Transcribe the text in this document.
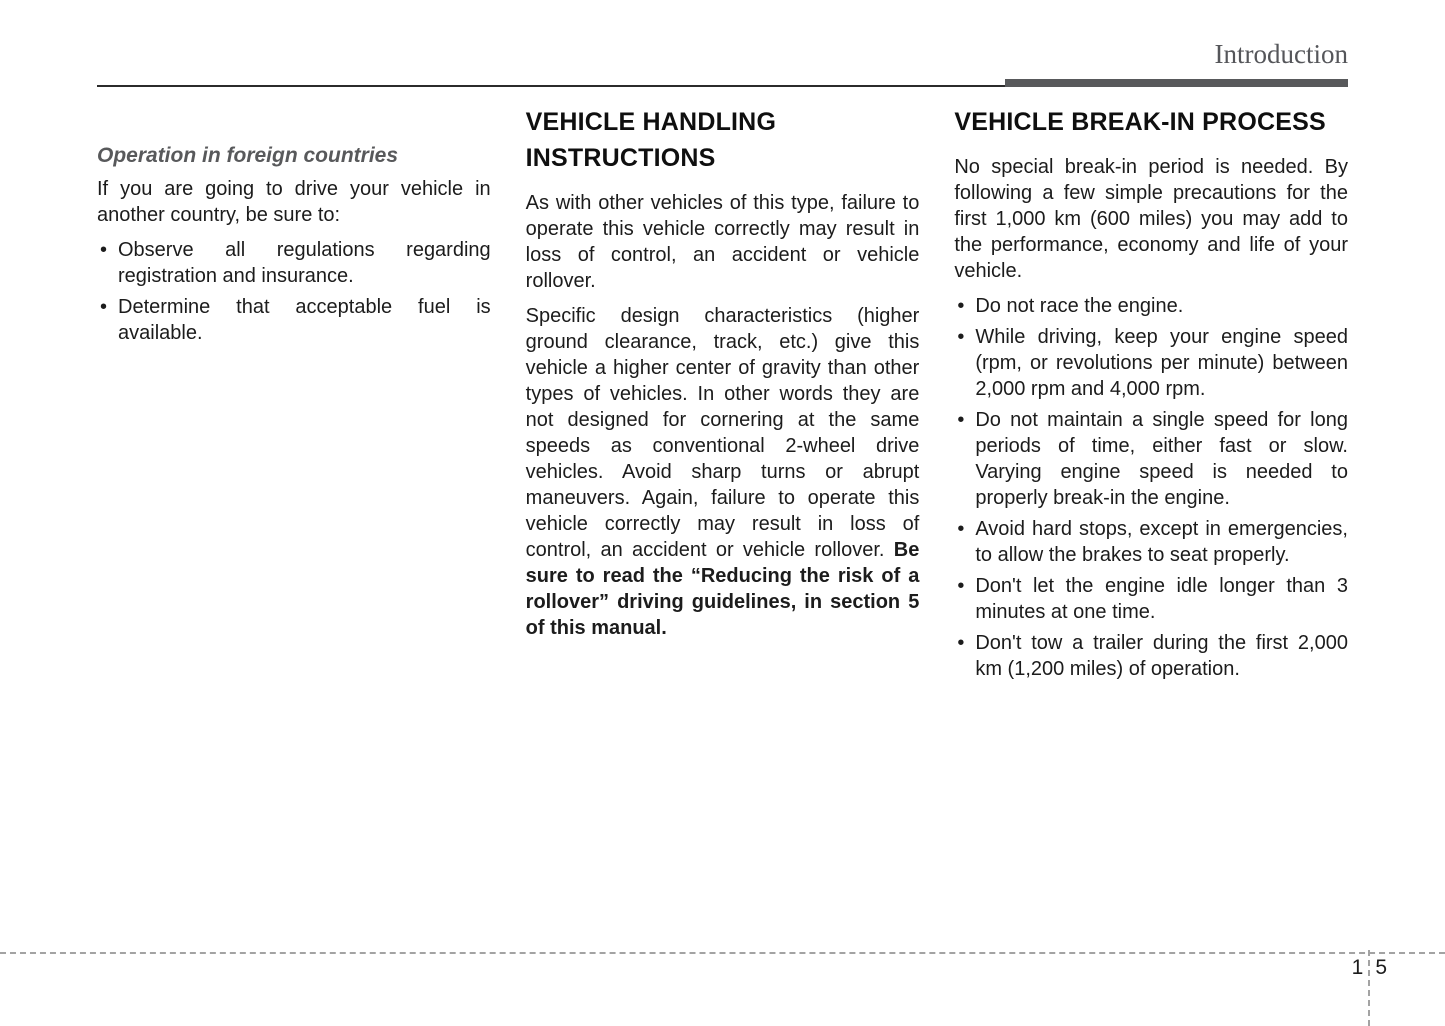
Introduction
Operation in foreign countries

If you are going to drive your vehicle in another country, be sure to:

• Observe all regulations regarding registration and insurance.
• Determine that acceptable fuel is available.
VEHICLE HANDLING INSTRUCTIONS

As with other vehicles of this type, failure to operate this vehicle correctly may result in loss of control, an accident or vehicle rollover.

Specific design characteristics (higher ground clearance, track, etc.) give this vehicle a higher center of gravity than other types of vehicles. In other words they are not designed for cornering at the same speeds as conventional 2-wheel drive vehicles. Avoid sharp turns or abrupt maneuvers. Again, failure to operate this vehicle correctly may result in loss of control, an accident or vehicle rollover. Be sure to read the “Reducing the risk of a rollover” driving guidelines, in section 5 of this manual.

VEHICLE BREAK-IN PROCESS

No special break-in period is needed. By following a few simple precautions for the first 1,000 km (600 miles) you may add to the performance, economy and life of your vehicle.

• Do not race the engine.
• While driving, keep your engine speed (rpm, or revolutions per minute) between 2,000 rpm and 4,000 rpm.
• Do not maintain a single speed for long periods of time, either fast or slow. Varying engine speed is needed to properly break-in the engine.
• Avoid hard stops, except in emergencies, to allow the brakes to seat properly.
• Don't let the engine idle longer than 3 minutes at one time.
• Don't tow a trailer during the first 2,000 km (1,200 miles) of operation.
1 5
